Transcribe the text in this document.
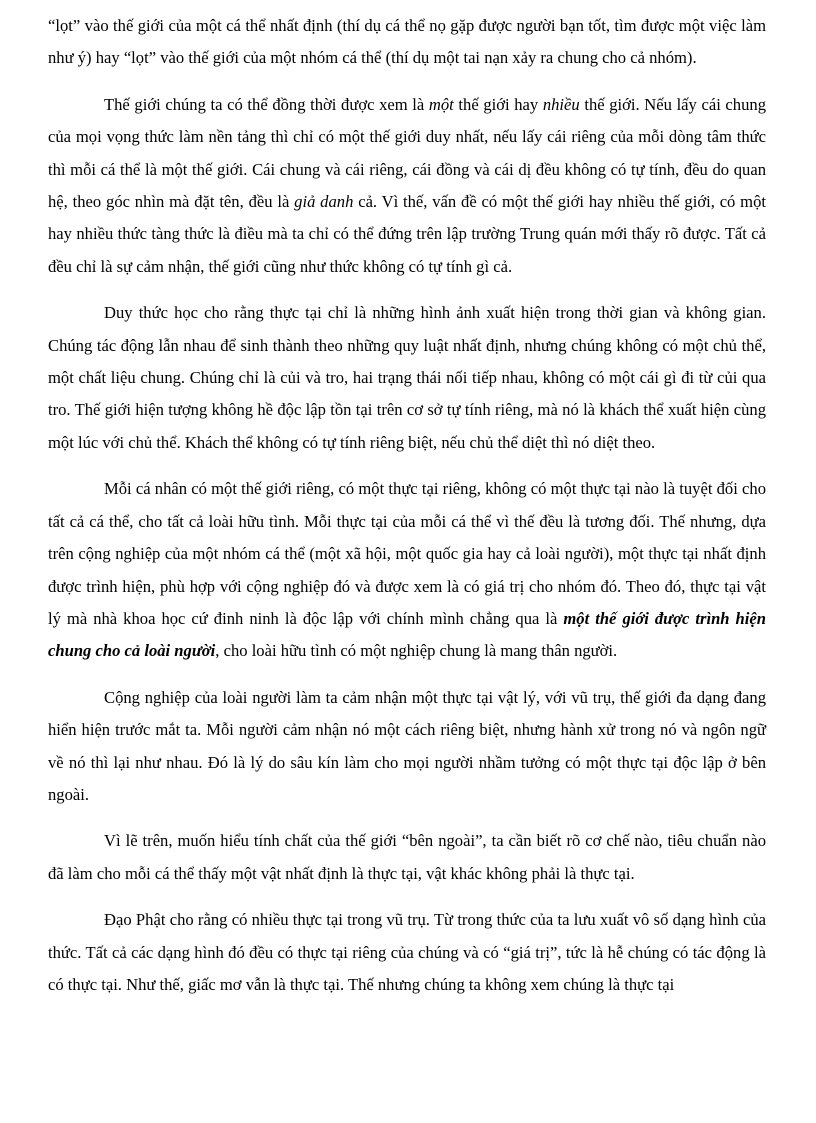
“lọt” vào thế giới của một cá thể nhất định (thí dụ cá thể nọ gặp được người bạn tốt, tìm được một việc làm như ý) hay “lọt” vào thế giới của một nhóm cá thể (thí dụ một tai nạn xảy ra chung cho cả nhóm).

Thế giới chúng ta có thể đồng thời được xem là một thế giới hay nhiều thế giới. Nếu lấy cái chung của mọi vọng thức làm nền tảng thì chỉ có một thế giới duy nhất, nếu lấy cái riêng của mỗi dòng tâm thức thì mỗi cá thể là một thế giới. Cái chung và cái riêng, cái đồng và cái dị đều không có tự tính, đều do quan hệ, theo góc nhìn mà đặt tên, đều là giả danh cả. Vì thế, vấn đề có một thế giới hay nhiều thế giới, có một hay nhiều thức tàng thức là điều mà ta chỉ có thể đứng trên lập trường Trung quán mới thấy rõ được. Tất cả đều chỉ là sự cảm nhận, thế giới cũng như thức không có tự tính gì cả.

Duy thức học cho rằng thực tại chỉ là những hình ảnh xuất hiện trong thời gian và không gian. Chúng tác động lẫn nhau để sinh thành theo những quy luật nhất định, nhưng chúng không có một chủ thể, một chất liệu chung. Chúng chỉ là củi và tro, hai trạng thái nối tiếp nhau, không có một cái gì đi từ củi qua tro. Thế giới hiện tượng không hề độc lập tồn tại trên cơ sở tự tính riêng, mà nó là khách thể xuất hiện cùng một lúc với chủ thể. Khách thể không có tự tính riêng biệt, nếu chủ thể diệt thì nó diệt theo.

Mỗi cá nhân có một thế giới riêng, có một thực tại riêng, không có một thực tại nào là tuyệt đối cho tất cả cá thể, cho tất cả loài hữu tình. Mỗi thực tại của mỗi cá thể vì thế đều là tương đối. Thế nhưng, dựa trên cộng nghiệp của một nhóm cá thể (một xã hội, một quốc gia hay cả loài người), một thực tại nhất định được trình hiện, phù hợp với cộng nghiệp đó và được xem là có giá trị cho nhóm đó. Theo đó, thực tại vật lý mà nhà khoa học cứ đinh ninh là độc lập với chính mình chẳng qua là một thế giới được trình hiện chung cho cả loài người, cho loài hữu tình có một nghiệp chung là mang thân người.

Cộng nghiệp của loài người làm ta cảm nhận một thực tại vật lý, với vũ trụ, thế giới đa dạng đang hiển hiện trước mắt ta. Mỗi người cảm nhận nó một cách riêng biệt, nhưng hành xử trong nó và ngôn ngữ về nó thì lại như nhau. Đó là lý do sâu kín làm cho mọi người nhầm tưởng có một thực tại độc lập ở bên ngoài.

Vì lẽ trên, muốn hiểu tính chất của thế giới “bên ngoài”, ta cần biết rõ cơ chế nào, tiêu chuẩn nào đã làm cho mỗi cá thể thấy một vật nhất định là thực tại, vật khác không phải là thực tại.

Đạo Phật cho rằng có nhiều thực tại trong vũ trụ. Từ trong thức của ta lưu xuất vô số dạng hình của thức. Tất cả các dạng hình đó đều có thực tại riêng của chúng và có “giá trị”, tức là hễ chúng có tác động là có thực tại. Như thế, giấc mơ vẫn là thực tại. Thế nhưng chúng ta không xem chúng là thực tại
